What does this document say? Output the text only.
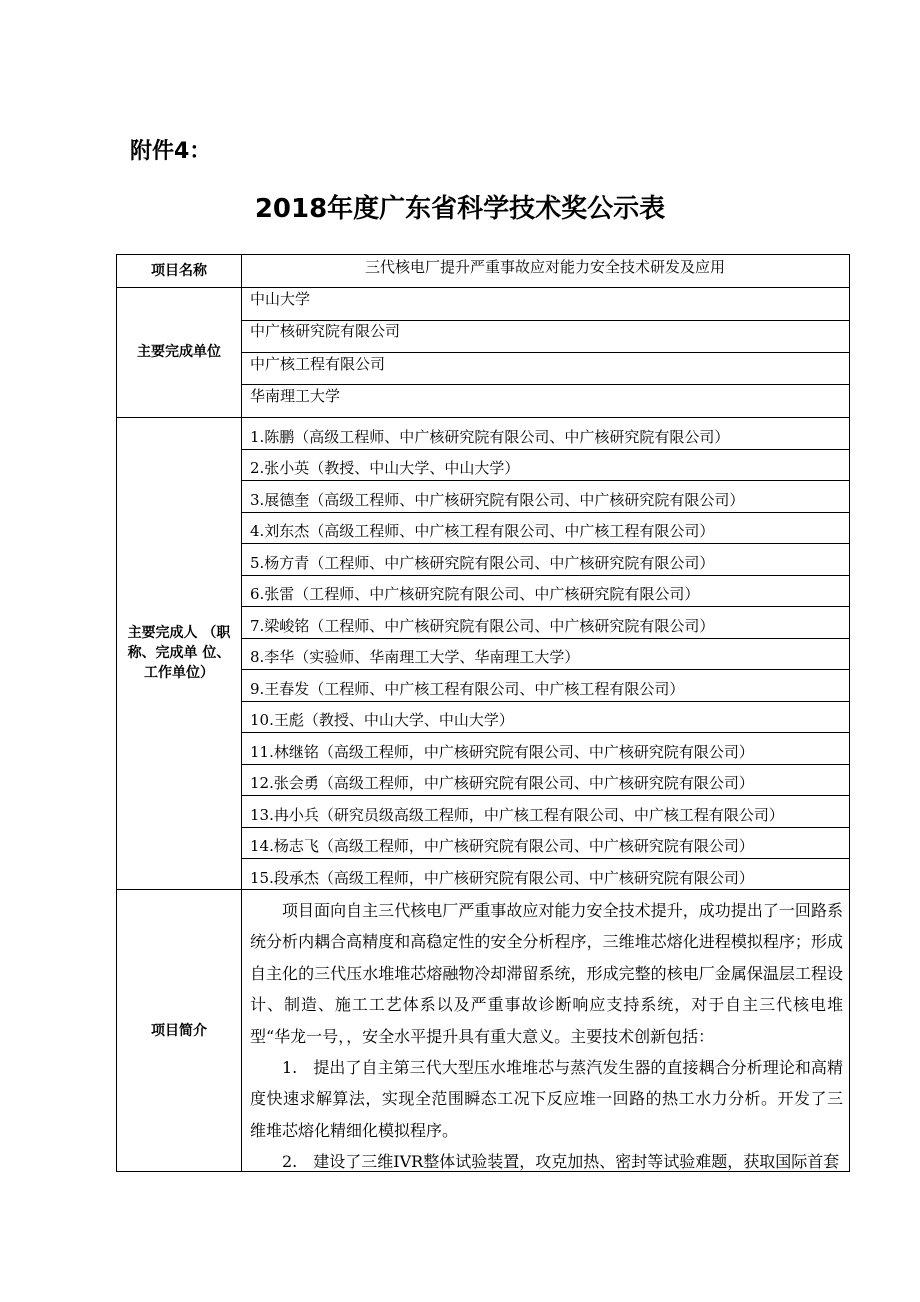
附件4：
2018年度广东省科学技术奖公示表
项目名称	三代核电厂提升严重事故应对能力安全技术研发及应用
主要完成单位
中山大学
中广核研究院有限公司
中广核工程有限公司
华南理工大学
主要完成人 （职
称、完成单 位、
工作单位）
1.陈鹏（高级工程师、中广核研究院有限公司、中广核研究院有限公司）
2.张小英（教授、中山大学、中山大学）
3.展德奎（高级工程师、中广核研究院有限公司、中广核研究院有限公司）
4.刘东杰（高级工程师、中广核工程有限公司、中广核工程有限公司）
5.杨方青（工程师、中广核研究院有限公司、中广核研究院有限公司）
6.张雷（工程师、中广核研究院有限公司、中广核研究院有限公司）
7.梁峻铭（工程师、中广核研究院有限公司、中广核研究院有限公司）
8.李华（实验师、华南理工大学、华南理工大学）
9.王春发（工程师、中广核工程有限公司、中广核工程有限公司）
10.王彪（教授、中山大学、中山大学）
11.林继铭（高级工程师，中广核研究院有限公司、中广核研究院有限公司）
12.张会勇（高级工程师，中广核研究院有限公司、中广核研究院有限公司）
13.冉小兵（研究员级高级工程师，中广核工程有限公司、中广核工程有限公司）
14.杨志飞（高级工程师，中广核研究院有限公司、中广核研究院有限公司）
15.段承杰（高级工程师，中广核研究院有限公司、中广核研究院有限公司）
项目简介

项目面向自主三代核电厂严重事故应对能力安全技术提升，成功提出了一回路系统分析内耦合高精度和高稳定性的安全分析程序，三维堆芯熔化进程模拟程序；形成自主化的三代压水堆堆芯熔融物冷却滞留系统，形成完整的核电厂金属保温层工程设计、制造、施工工艺体系以及严重事故诊断响应支持系统，对于自主三代核电堆型“华龙一号，，安全水平提升具有重大意义。主要技术创新包括：

1.　提出了自主第三代大型压水堆堆芯与蒸汽发生器的直接耦合分析理论和高精 度快速求解算法，实现全范围瞬态工况下反应堆一回路的热工水力分析。开发了三 维堆芯熔化精细化模拟程序。

2.　建设了三维IVR整体试验装置，攻克加热、密封等试验难题，获取国际首套
